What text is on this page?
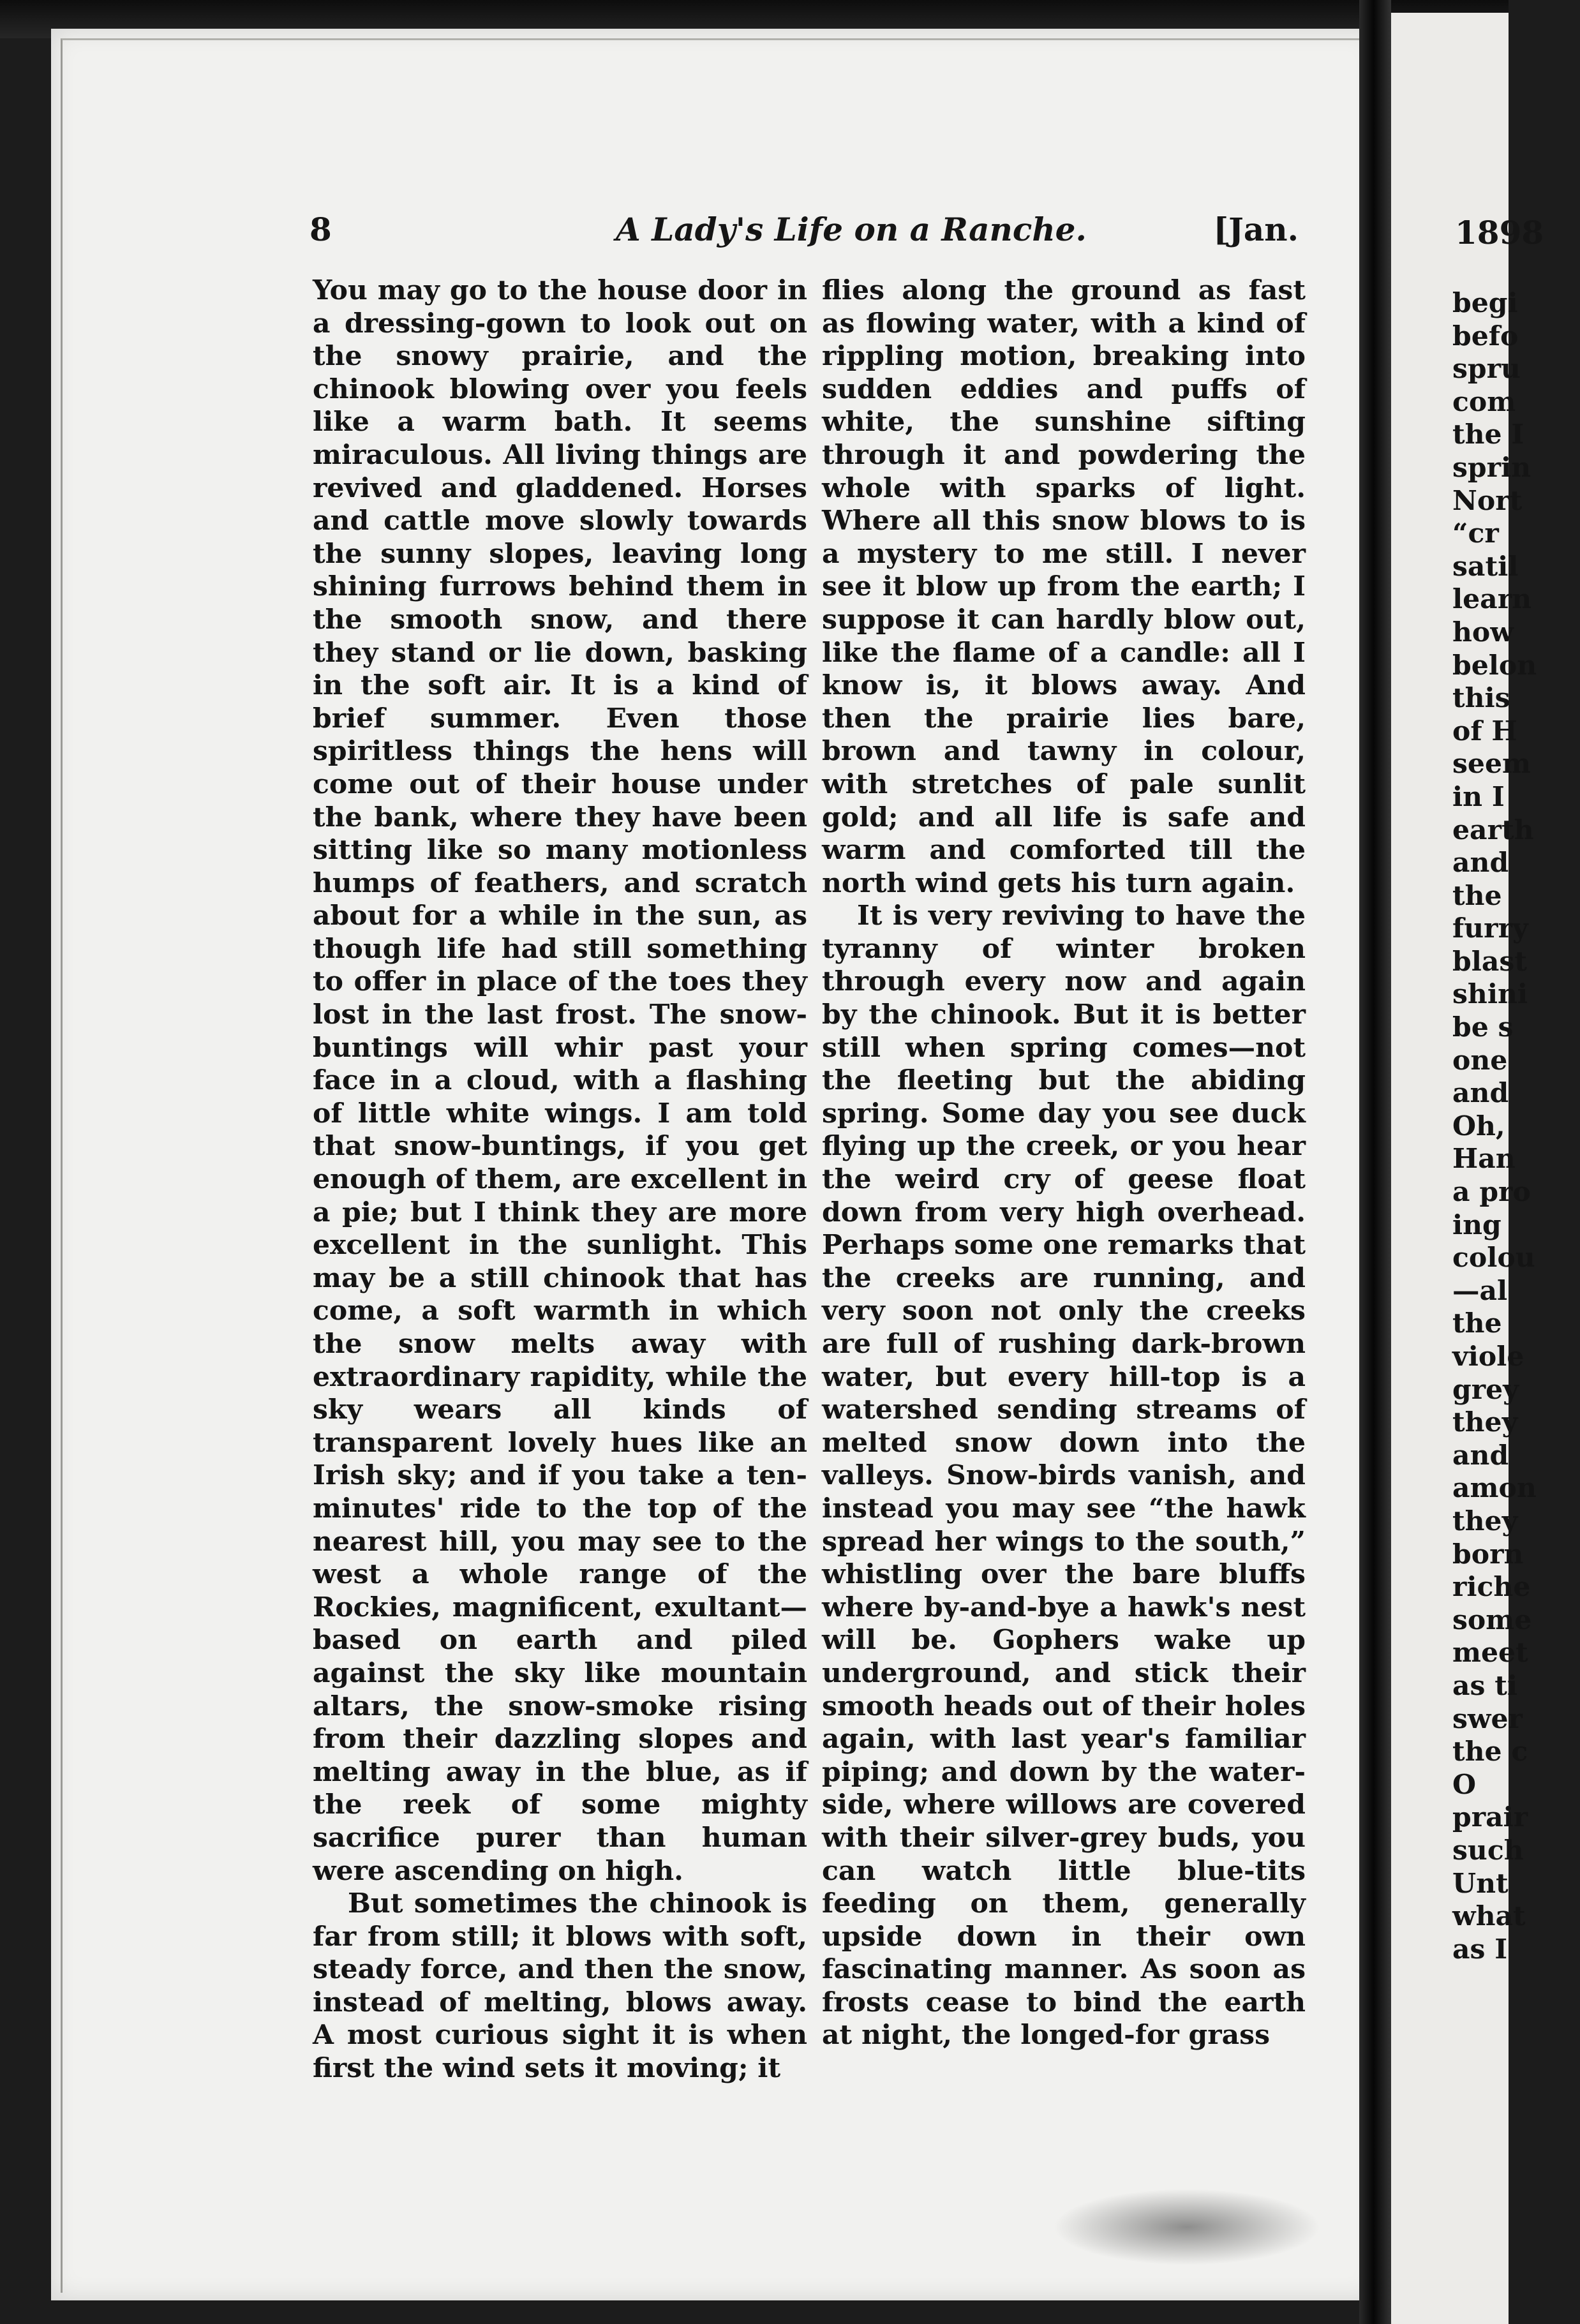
8	A Lady's Life on a Ranche.	[Jan.

You may go to the house door in a dressing-gown to look out on the snowy prairie, and the chinook blowing over you feels like a warm bath. It seems miraculous. All living things are revived and gladdened. Horses and cattle move slowly towards the sunny slopes, leaving long shining furrows behind them in the smooth snow, and there they stand or lie down, basking in the soft air. It is a kind of brief summer. Even those spiritless things the hens will come out of their house under the bank, where they have been sitting like so many motionless humps of feathers, and scratch about for a while in the sun, as though life had still something to offer in place of the toes they lost in the last frost. The snow-buntings will whir past your face in a cloud, with a flashing of little white wings. I am told that snow-buntings, if you get enough of them, are excellent in a pie; but I think they are more excellent in the sunlight. This may be a still chinook that has come, a soft warmth in which the snow melts away with extraordinary rapidity, while the sky wears all kinds of transparent lovely hues like an Irish sky; and if you take a ten-minutes' ride to the top of the nearest hill, you may see to the west a whole range of the Rockies, magnificent, exultant—based on earth and piled against the sky like mountain altars, the snow-smoke rising from their dazzling slopes and melting away in the blue, as if the reek of some mighty sacrifice purer than human were ascending on high.

But sometimes the chinook is far from still; it blows with soft, steady force, and then the snow, instead of melting, blows away. A most curious sight it is when first the wind sets it moving; it

flies along the ground as fast as flowing water, with a kind of rippling motion, breaking into sudden eddies and puffs of white, the sunshine sifting through it and powdering the whole with sparks of light. Where all this snow blows to is a mystery to me still. I never see it blow up from the earth; I suppose it can hardly blow out, like the flame of a candle: all I know is, it blows away. And then the prairie lies bare, brown and tawny in colour, with stretches of pale sunlit gold; and all life is safe and warm and comforted till the north wind gets his turn again.

It is very reviving to have the tyranny of winter broken through every now and again by the chinook. But it is better still when spring comes—not the fleeting but the abiding spring. Some day you see duck flying up the creek, or you hear the weird cry of geese float down from very high overhead. Perhaps some one remarks that the creeks are running, and very soon not only the creeks are full of rushing dark-brown water, but every hill-top is a watershed sending streams of melted snow down into the valleys. Snow-birds vanish, and instead you may see “the hawk spread her wings to the south,” whistling over the bare bluffs where by-and-bye a hawk's nest will be. Gophers wake up underground, and stick their smooth heads out of their holes again, with last year's familiar piping; and down by the water-side, where willows are covered with their silver-grey buds, you can watch little blue-tits feeding on them, generally upside down in their own fascinating manner. As soon as frosts cease to bind the earth at night, the longed-for grass

1898
begi
befo
spru
com
the I
sprin
Nort
“cr
satil
learn
how
belon
this
of H
seem
in I
earth
and
the
furry
blast
shini
be s
one
and
Oh,
Han
a pro
ing
colou
—al
the
viole
grey
they
and
amon
they
born
riche
some
meet
as ti
swer
the c
O
prair
such
Unt
what
as I
